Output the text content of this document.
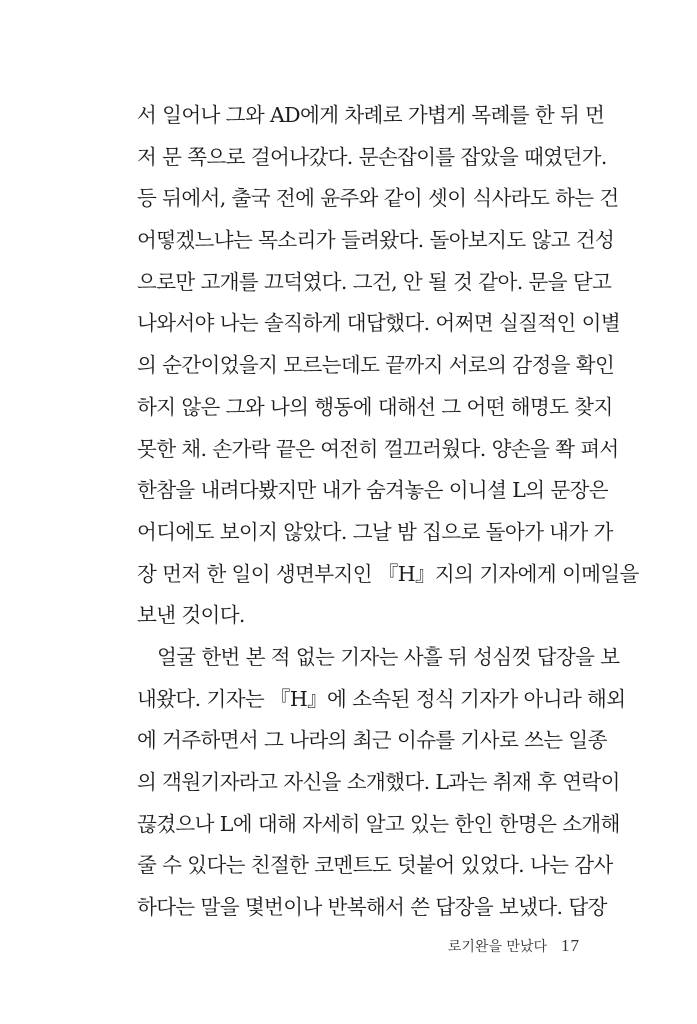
서 일어나 그와 AD에게 차례로 가볍게 목례를 한 뒤 먼
저 문 쪽으로 걸어나갔다. 문손잡이를 잡았을 때였던가.
등 뒤에서, 출국 전에 윤주와 같이 셋이 식사라도 하는 건
어떻겠느냐는 목소리가 들려왔다. 돌아보지도 않고 건성
으로만 고개를 끄덕였다. 그건, 안 될 것 같아. 문을 닫고
나와서야 나는 솔직하게 대답했다. 어쩌면 실질적인 이별
의 순간이었을지 모르는데도 끝까지 서로의 감정을 확인
하지 않은 그와 나의 행동에 대해선 그 어떤 해명도 찾지
못한 채. 손가락 끝은 여전히 껄끄러웠다. 양손을 쫙 펴서
한참을 내려다봤지만 내가 숨겨놓은 이니셜 L의 문장은
어디에도 보이지 않았다. 그날 밤 집으로 돌아가 내가 가
장 먼저 한 일이 생면부지인 『H』지의 기자에게 이메일을
보낸 것이다.
얼굴 한번 본 적 없는 기자는 사흘 뒤 성심껏 답장을 보
내왔다. 기자는 『H』에 소속된 정식 기자가 아니라 해외
에 거주하면서 그 나라의 최근 이슈를 기사로 쓰는 일종
의 객원기자라고 자신을 소개했다. L과는 취재 후 연락이
끊겼으나 L에 대해 자세히 알고 있는 한인 한명은 소개해
줄 수 있다는 친절한 코멘트도 덧붙어 있었다. 나는 감사
하다는 말을 몇번이나 반복해서 쓴 답장을 보냈다. 답장
로기완을 만났다 17
